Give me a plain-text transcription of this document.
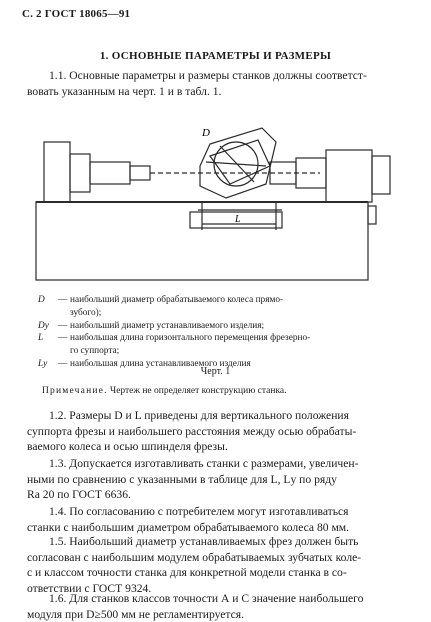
С. 2 ГОСТ 18065—91
1. ОСНОВНЫЕ ПАРАМЕТРЫ И РАЗМЕРЫ
1.1. Основные параметры и размеры станков должны соответст-
вовать указанным на черт. 1 и в табл. 1.
D
L
D	— наибольший диаметр обрабатываемого колеса прямо-
зубого);
Dу — наибольший диаметр устанавливаемого изделия;
L	— наибольшая длина горизонтального перемещения фрезерно-
го суппорта;
Lу	— наибольшая длина устанавливаемого изделия
Черт. 1
Примечание. Чертеж не определяет конструкцию станка.
1.2. Размеры D и L приведены для вертикального положения
суппорта фрезы и наибольшего расстояния между осью обрабаты-
ваемого колеса и осью шпинделя фрезы.
1.3. Допускается изготавливать станки с размерами, увеличен-
ными по сравнению с указанными в таблице для L, Lу по ряду
Ra 20 по ГОСТ 6636.
1.4. По согласованию с потребителем могут изготавливаться
станки с наибольшим диаметром обрабатываемого колеса 80 мм.
1.5. Наибольший диаметр устанавливаемых фрез должен быть
согласован с наибольшим модулем обрабатываемых зубчатых коле-
с и классом точности станка для конкретной модели станка в со-
ответствии с ГОСТ 9324.
1.6. Для станков классов точности А и С значение наибольшего
модуля при D≥500 мм не регламентируется.
